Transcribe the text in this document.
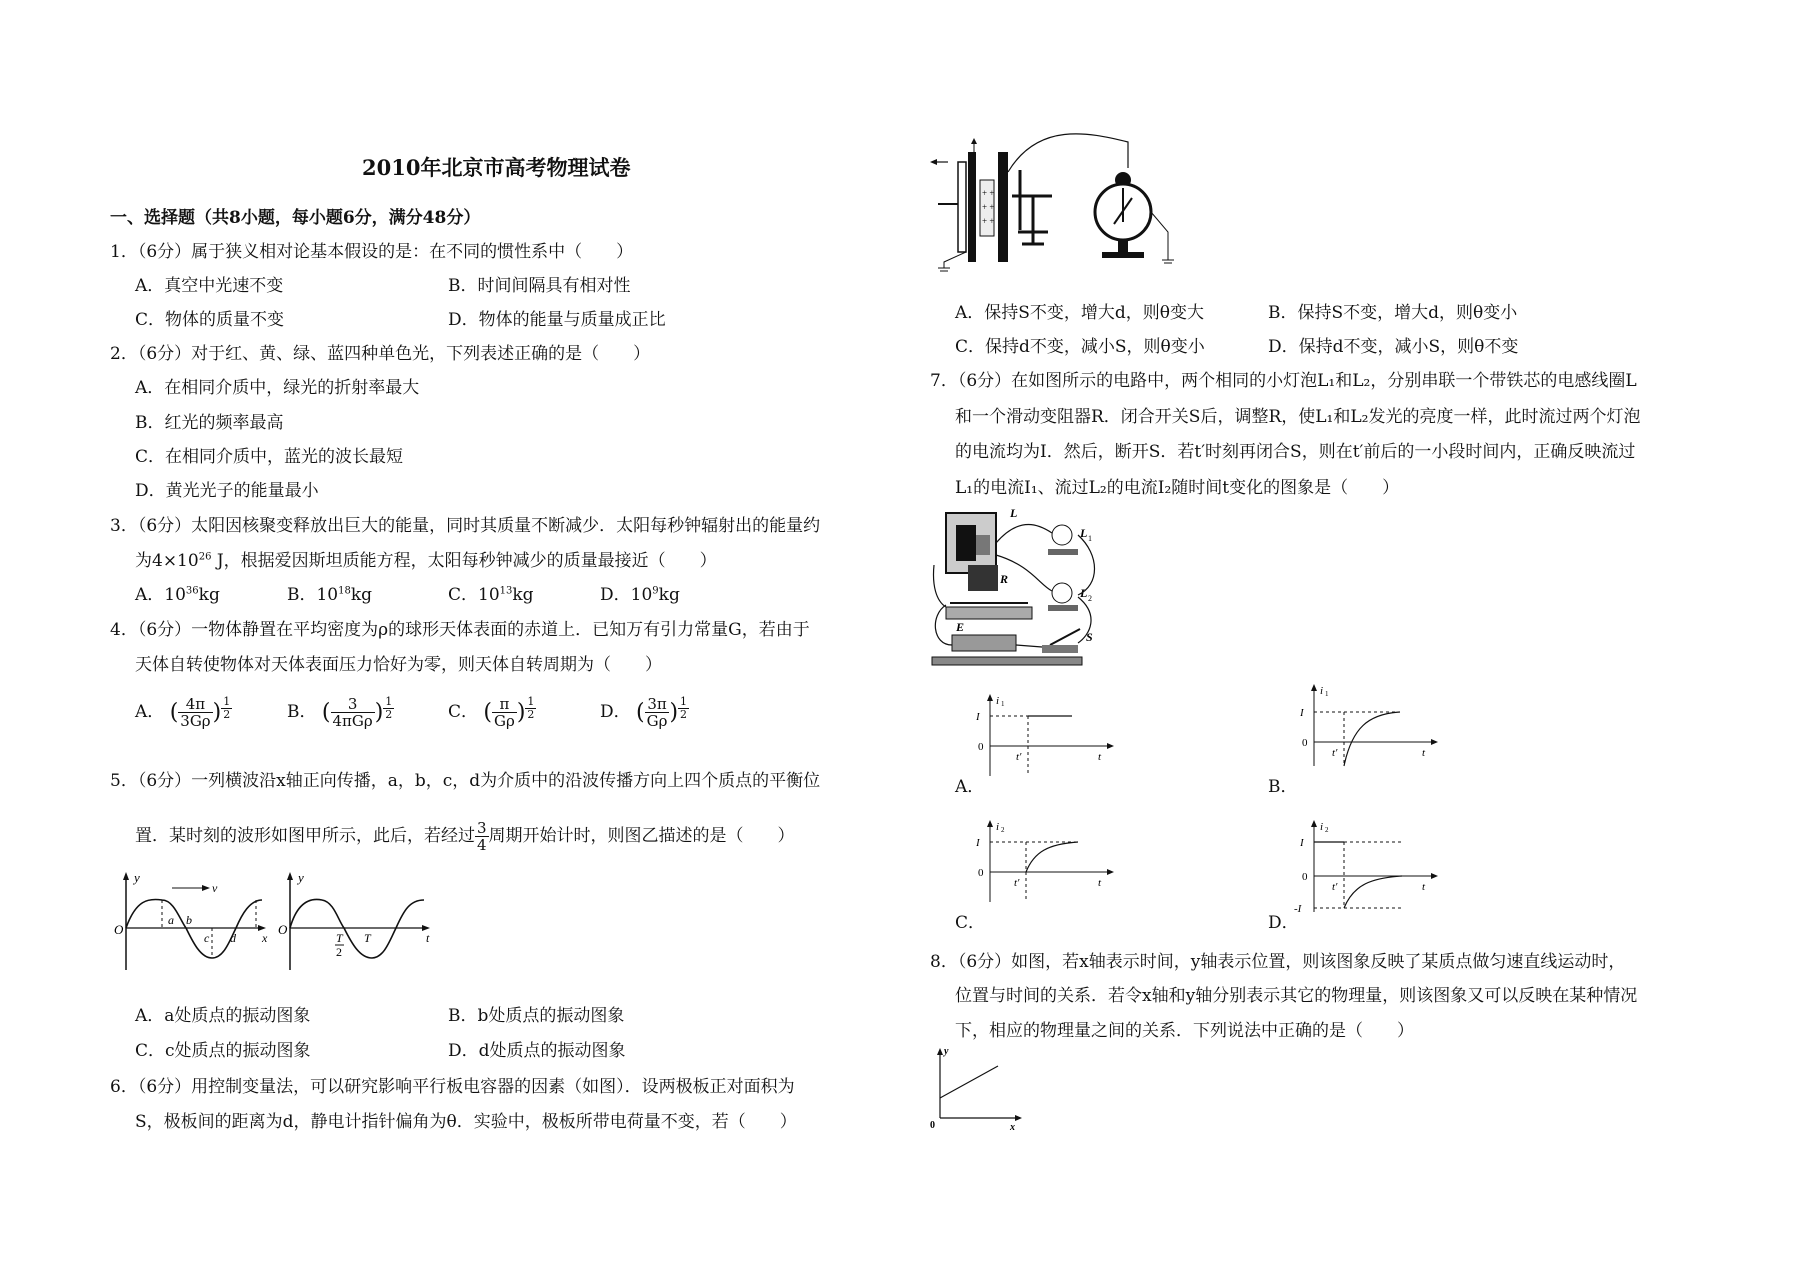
2010年北京市高考物理试卷
一、选择题（共8小题，每小题6分，满分48分）
1．（6分）属于狭义相对论基本假设的是：在不同的惯性系中（　　）
A．真空中光速不变	B．时间间隔具有相对性
C．物体的质量不变	D．物体的能量与质量成正比
2．（6分）对于红、黄、绿、蓝四种单色光，下列表述正确的是（　　）
A．在相同介质中，绿光的折射率最大
B．红光的频率最高
C．在相同介质中，蓝光的波长最短
D．黄光光子的能量最小
3．（6分）太阳因核聚变释放出巨大的能量，同时其质量不断减少．太阳每秒钟辐射出的能量约
为$4\times 10^{26}$ J，根据爱因斯坦质能方程，太阳每秒钟减少的质量最接近（　　）
A．$10^{36}kg$	B．$10^{18}kg$	C．$10^{13}kg$	D．$10^9kg$
4．（6分）一物体静置在平均密度为ρ的球形天体表面的赤道上．已知万有引力常量G，若由于
天体自转使物体对天体表面压力恰好为零，则天体自转周期为（　　）
A． ( $\frac{4\pi}{3G\rho}$ ) $\frac{1}{2}$	B． ( $\frac{3}{\text{4πGρ}}$ ) $\frac{1}{2}$	C． ( $\frac{\pi}{G\rho}$ ) $\frac{1}{2}$	D． ( $\frac{3\pi}{G\rho}$ ) $\frac{1}{2}$
5．（6分）一列横波沿x轴正向传播，a，b，c，d为介质中的沿波传播方向上四个质点的平衡位
置．某时刻的波形如图甲所示，此后，若经过 $\frac{3}{4}$ 周期开始计时，则图乙描述的是（　　）
y
v
O
x
a b
c d
y
O
t
T
2
T
A．a处质点的振动图象	B．b处质点的振动图象
C．c处质点的振动图象	D．d处质点的振动图象
6．（6分）用控制变量法，可以研究影响平行板电容器的因素（如图）．设两极板正对面积为
S，极板间的距离为d，静电计指针偏角为θ．实验中，极板所带电荷量不变，若（　　）
+ +
+ +
+ +
A．保持S不变，增大d，则θ变大	B．保持S不变，增大d，则θ变小
C．保持d不变，减小S，则θ变小	D．保持d不变，减小S，则θ不变
7．（6分）在如图所示的电路中，两个相同的小灯泡L₁和L₂，分别串联一个带铁芯的电感线圈L
和一个滑动变阻器R．闭合开关S后，调整R，使L₁和L₂发光的亮度一样，此时流过两个灯泡
的电流均为I．然后，断开S．若t′时刻再闭合S，则在t′前后的一小段时间内，正确反映流过
L₁的电流I₁、流过L₂的电流I₂随时间t变化的图象是（　　）
L
L 1
L 2
R
E
S
A．
I
0
i 1
t′	t
B．
I
0
i 1
t′	t
C．
I
0
i 2
t′	t
D．
I
0
-I
i 2
t′	t
8．（6分）如图，若x轴表示时间，y轴表示位置，则该图象反映了某质点做匀速直线运动时，
位置与时间的关系．若令x轴和y轴分别表示其它的物理量，则该图象又可以反映在某种情况
下，相应的物理量之间的关系．下列说法中正确的是（　　）
y
0	x
